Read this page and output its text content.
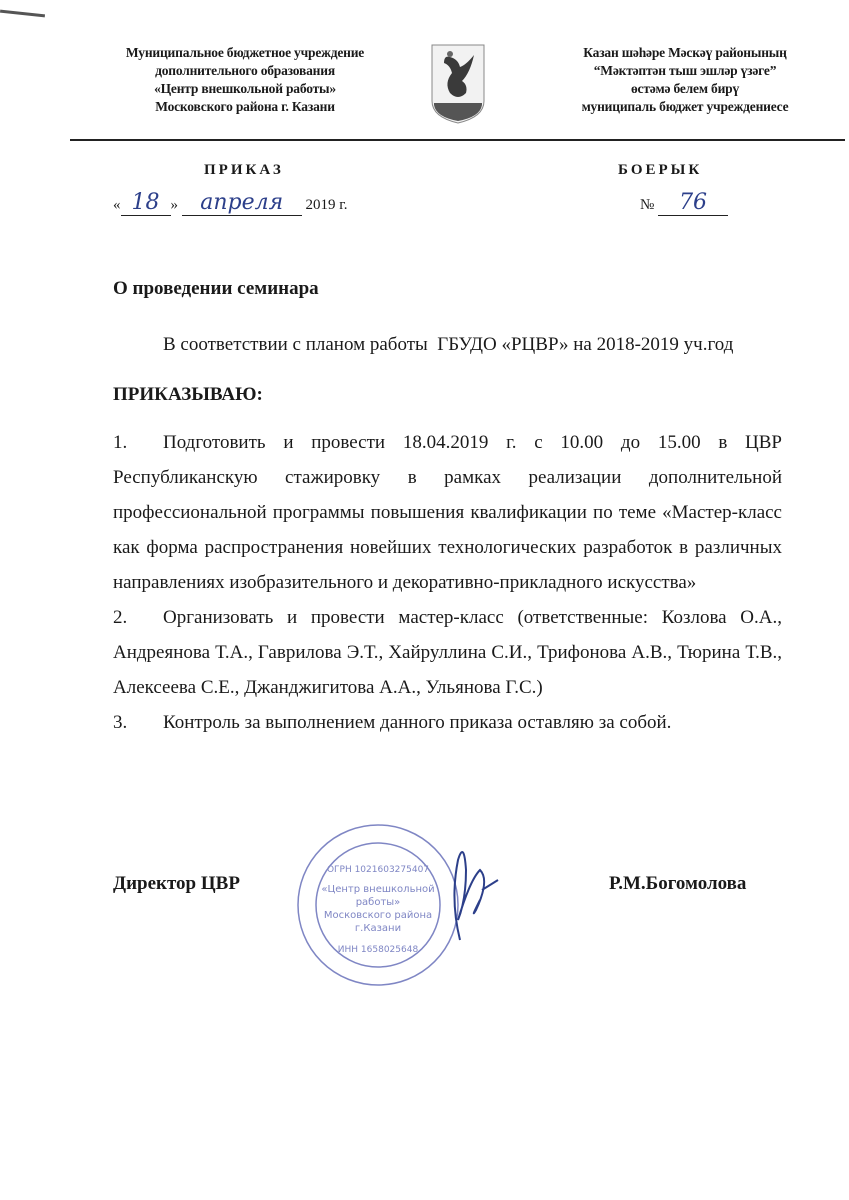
Муниципальное бюджетное учреждение
дополнительного образования
«Центр внешкольной работы»
Московского района г. Казани
Казан шәһәре Мәскәү районының
“Мәктәптән тыш эшләр үзәге”
өстәмә белем бирү
муниципаль бюджет учреждениесе
ПРИКАЗ	БОЕРЫК
« 18 » апреля 2019 г.	№ 76
О проведении семинара
В соответствии с планом работы  ГБУДО «РЦВР» на 2018-2019 уч.год
ПРИКАЗЫВАЮ:
1.	Подготовить и провести 18.04.2019 г. с 10.00 до 15.00 в ЦВР Республиканскую стажировку в рамках реализации дополнительной профессиональной программы повышения квалификации по теме «Мастер-класс как форма распространения новейших технологических разработок в различных направлениях изобразительного и декоративно-прикладного искусства»
2.	Организовать и провести мастер-класс (ответственные: Козлова О.А., Андреянова Т.А., Гаврилова Э.Т., Хайруллина С.И., Трифонова А.В., Тюрина Т.В., Алексеева С.Е., Джанджигитова А.А., Ульянова Г.С.)
3.	Контроль за выполнением данного приказа оставляю за собой.
ОГРН 1021603275407
«Центр внешкольной
работы»
Московского района
г.Казани
ИНН 1658025648
Директор ЦВР	Р.М.Богомолова
